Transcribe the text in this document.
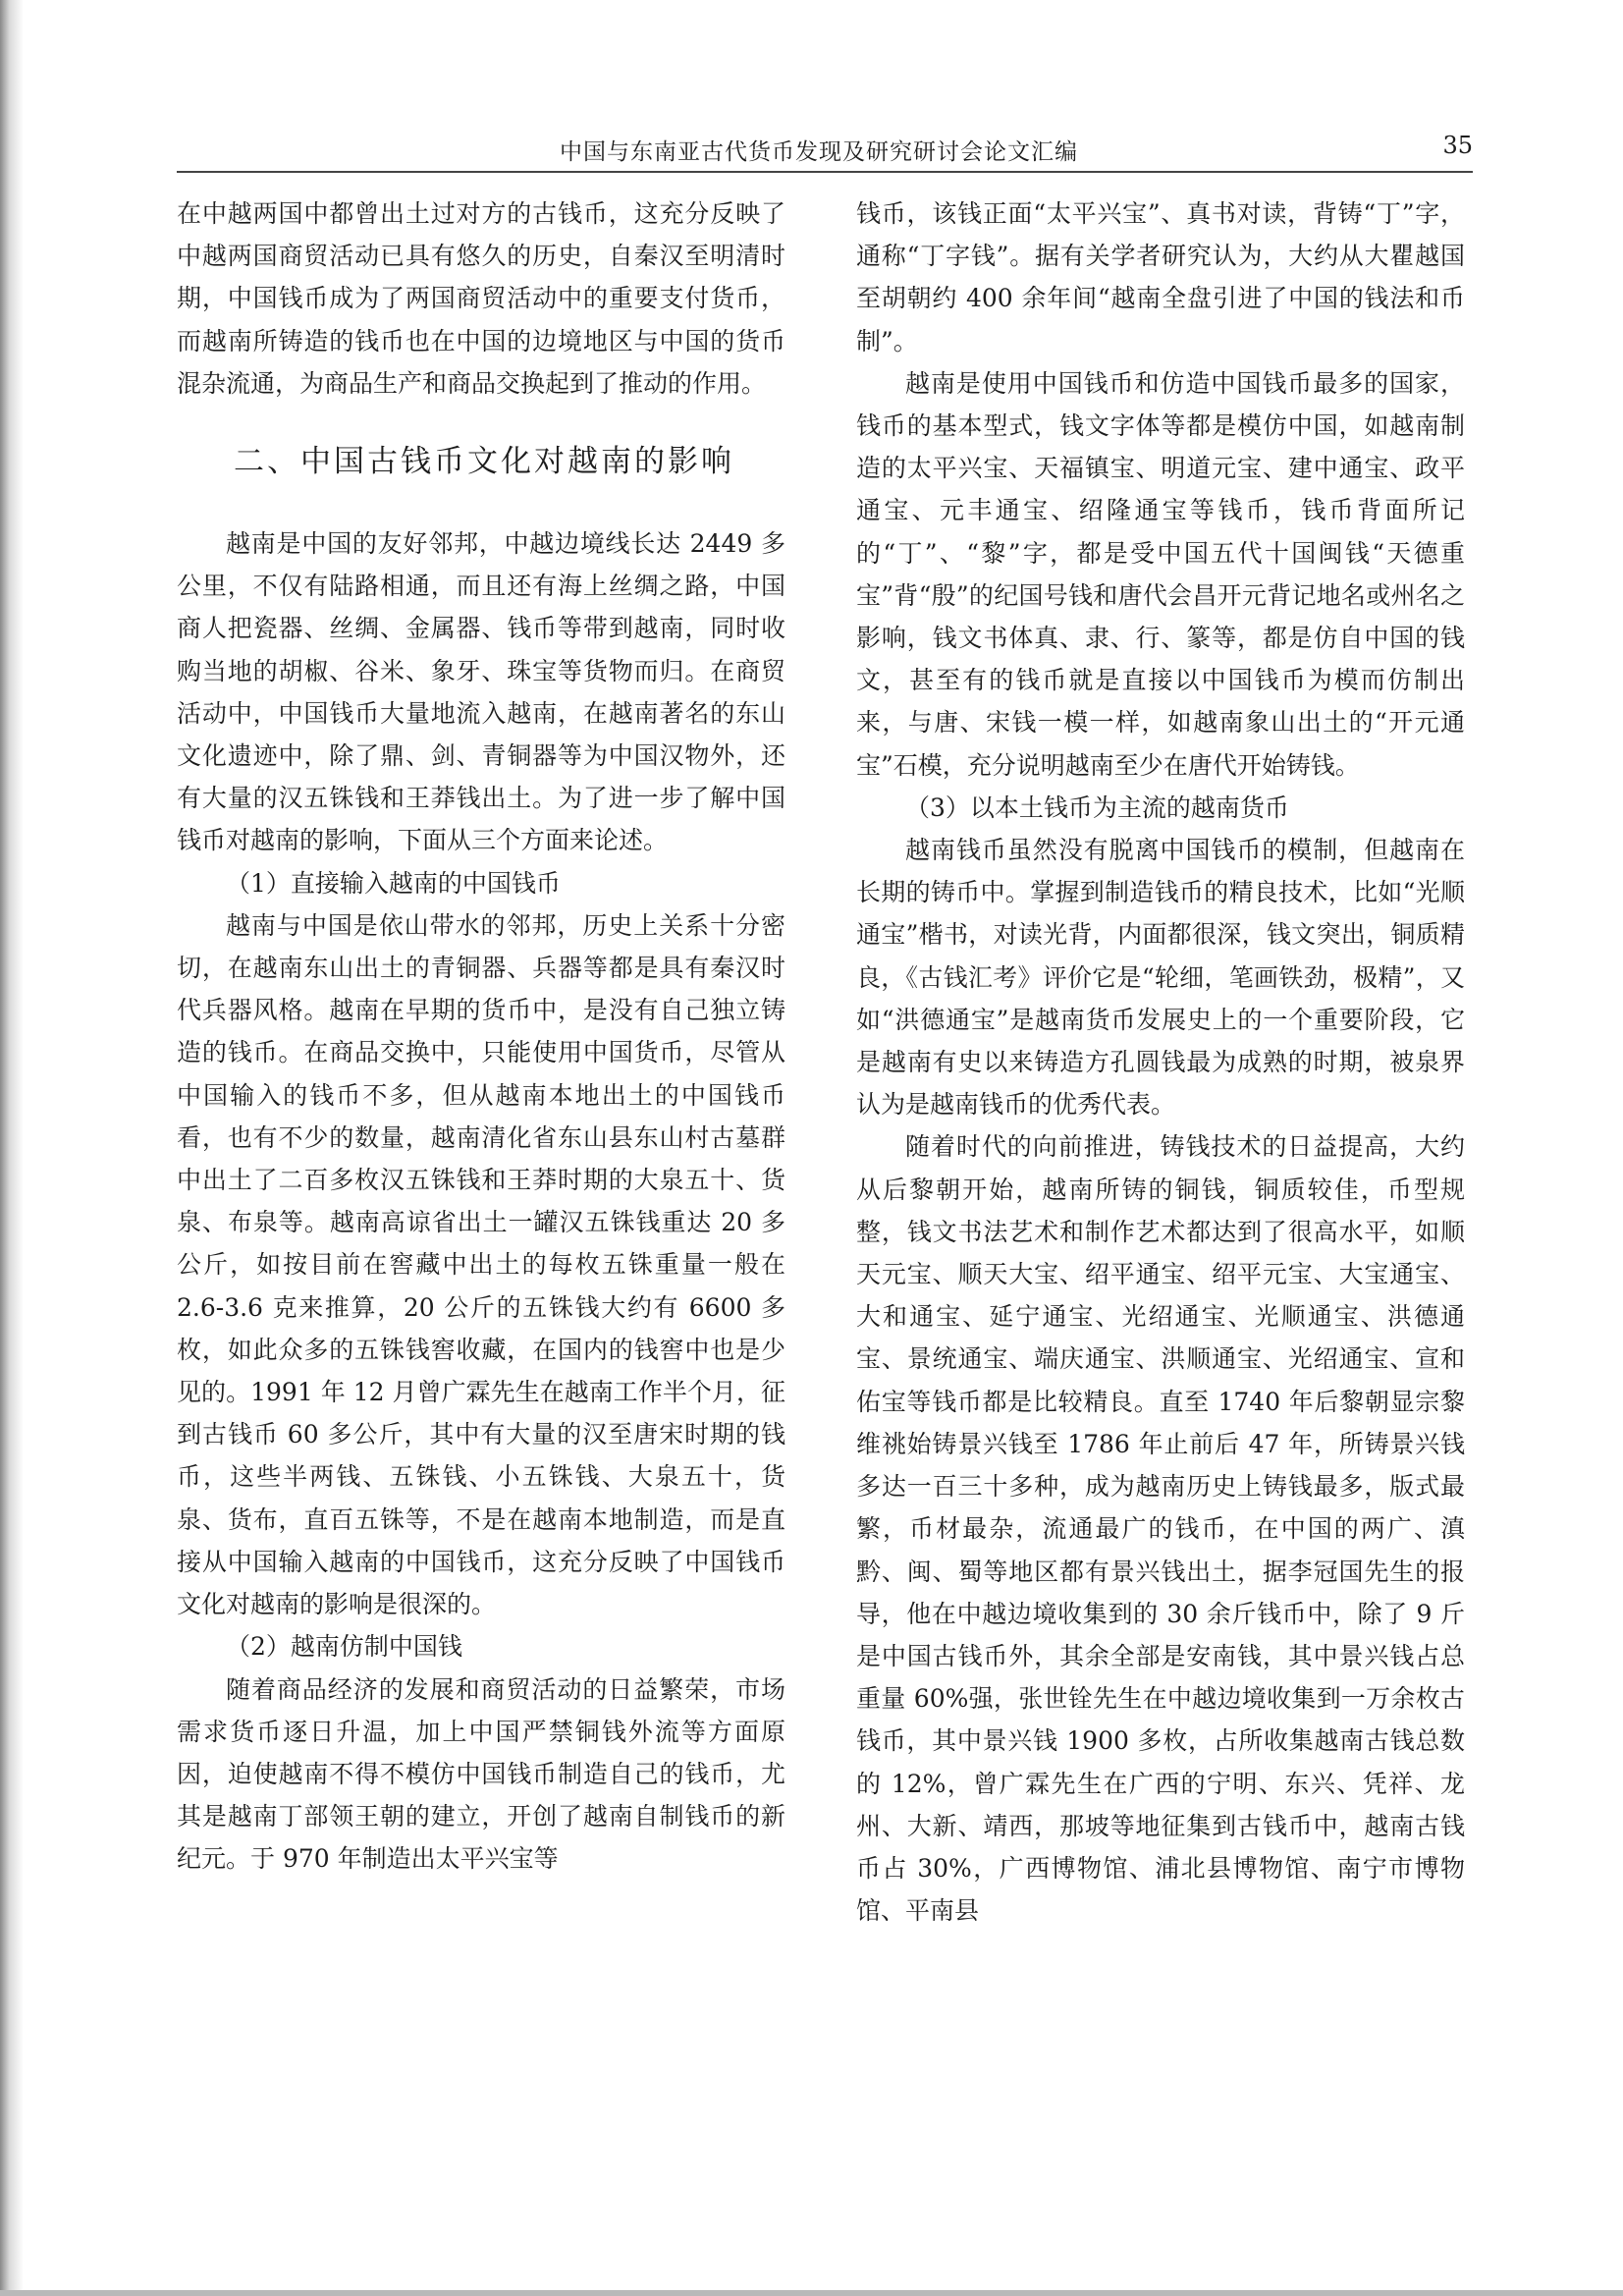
中国与东南亚古代货币发现及研究研讨会论文汇编	35

在中越两国中都曾出土过对方的古钱币，这充分反映了中越两国商贸活动已具有悠久的历史，自秦汉至明清时期，中国钱币成为了两国商贸活动中的重要支付货币，而越南所铸造的钱币也在中国的边境地区与中国的货币混杂流通，为商品生产和商品交换起到了推动的作用。

二、中国古钱币文化对越南的影响

越南是中国的友好邻邦，中越边境线长达 2449 多公里，不仅有陆路相通，而且还有海上丝绸之路，中国商人把瓷器、丝绸、金属器、钱币等带到越南，同时收购当地的胡椒、谷米、象牙、珠宝等货物而归。在商贸活动中，中国钱币大量地流入越南，在越南著名的东山文化遗迹中，除了鼎、剑、青铜器等为中国汉物外，还有大量的汉五铢钱和王莽钱出土。为了进一步了解中国钱币对越南的影响，下面从三个方面来论述。

（1）直接输入越南的中国钱币

越南与中国是依山带水的邻邦，历史上关系十分密切，在越南东山出土的青铜器、兵器等都是具有秦汉时代兵器风格。越南在早期的货币中，是没有自己独立铸造的钱币。在商品交换中，只能使用中国货币，尽管从中国输入的钱币不多，但从越南本地出土的中国钱币看，也有不少的数量，越南清化省东山县东山村古墓群中出土了二百多枚汉五铢钱和王莽时期的大泉五十、货泉、布泉等。越南高谅省出土一罐汉五铢钱重达 20 多公斤，如按目前在窖藏中出土的每枚五铢重量一般在 2.6-3.6 克来推算，20 公斤的五铢钱大约有 6600 多枚，如此众多的五铢钱窖收藏，在国内的钱窖中也是少见的。1991 年 12 月曾广霖先生在越南工作半个月，征到古钱币 60 多公斤，其中有大量的汉至唐宋时期的钱币，这些半两钱、五铢钱、小五铢钱、大泉五十，货泉、货布，直百五铢等，不是在越南本地制造，而是直接从中国输入越南的中国钱币，这充分反映了中国钱币文化对越南的影响是很深的。

（2）越南仿制中国钱

随着商品经济的发展和商贸活动的日益繁荣，市场需求货币逐日升温，加上中国严禁铜钱外流等方面原因，迫使越南不得不模仿中国钱币制造自己的钱币，尤其是越南丁部领王朝的建立，开创了越南自制钱币的新纪元。于 970 年制造出太平兴宝等

钱币，该钱正面“太平兴宝”、真书对读，背铸“丁”字，通称“丁字钱”。据有关学者研究认为，大约从大瞿越国至胡朝约 400 余年间“越南全盘引进了中国的钱法和币制”。

越南是使用中国钱币和仿造中国钱币最多的国家，钱币的基本型式，钱文字体等都是模仿中国，如越南制造的太平兴宝、天福镇宝、明道元宝、建中通宝、政平通宝、元丰通宝、绍隆通宝等钱币，钱币背面所记的“丁”、“黎”字，都是受中国五代十国闽钱“天德重宝”背“殷”的纪国号钱和唐代会昌开元背记地名或州名之影响，钱文书体真、隶、行、篆等，都是仿自中国的钱文，甚至有的钱币就是直接以中国钱币为模而仿制出来，与唐、宋钱一模一样，如越南象山出土的“开元通宝”石模，充分说明越南至少在唐代开始铸钱。

（3）以本土钱币为主流的越南货币

越南钱币虽然没有脱离中国钱币的模制，但越南在长期的铸币中。掌握到制造钱币的精良技术，比如“光顺通宝”楷书，对读光背，内面都很深，钱文突出，铜质精良，《古钱汇考》评价它是“轮细，笔画铁劲，极精”，又如“洪德通宝”是越南货币发展史上的一个重要阶段，它是越南有史以来铸造方孔圆钱最为成熟的时期，被泉界认为是越南钱币的优秀代表。

随着时代的向前推进，铸钱技术的日益提高，大约从后黎朝开始，越南所铸的铜钱，铜质较佳，币型规整，钱文书法艺术和制作艺术都达到了很高水平，如顺天元宝、顺天大宝、绍平通宝、绍平元宝、大宝通宝、大和通宝、延宁通宝、光绍通宝、光顺通宝、洪德通宝、景统通宝、端庆通宝、洪顺通宝、光绍通宝、宣和佑宝等钱币都是比较精良。直至 1740 年后黎朝显宗黎维祧始铸景兴钱至 1786 年止前后 47 年，所铸景兴钱多达一百三十多种，成为越南历史上铸钱最多，版式最繁，币材最杂，流通最广的钱币，在中国的两广、滇黔、闽、蜀等地区都有景兴钱出土，据李冠国先生的报导，他在中越边境收集到的 30 余斤钱币中，除了 9 斤是中国古钱币外，其余全部是安南钱，其中景兴钱占总重量 60%强，张世铨先生在中越边境收集到一万余枚古钱币，其中景兴钱 1900 多枚，占所收集越南古钱总数的 12%，曾广霖先生在广西的宁明、东兴、凭祥、龙州、大新、靖西，那坡等地征集到古钱币中，越南古钱币占 30%，广西博物馆、浦北县博物馆、南宁市博物馆、平南县
